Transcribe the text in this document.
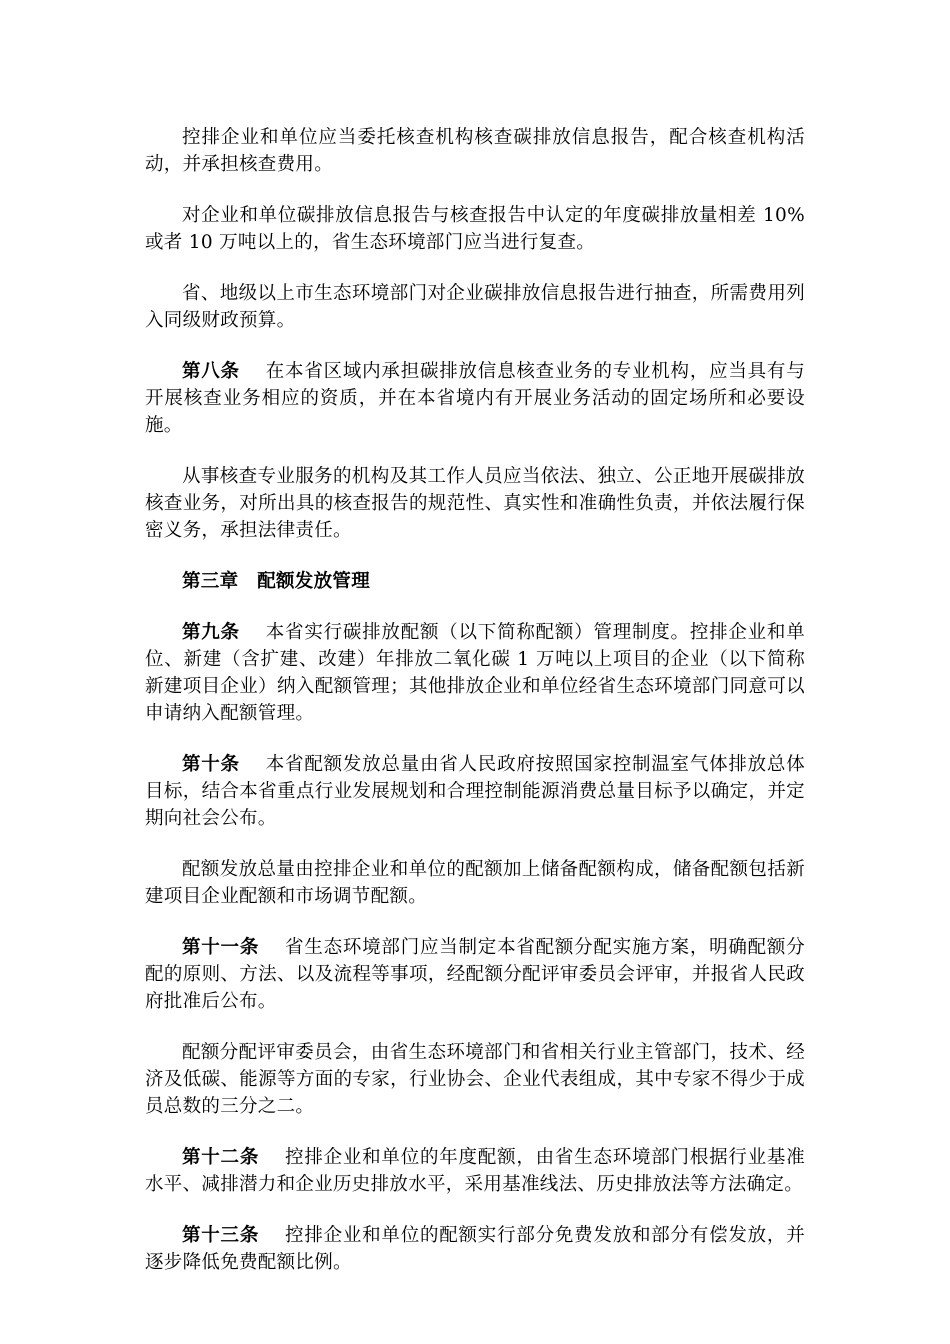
控排企业和单位应当委托核查机构核查碳排放信息报告，配合核查机构活动，并承担核查费用。

对企业和单位碳排放信息报告与核查报告中认定的年度碳排放量相差 10%或者 10 万吨以上的，省生态环境部门应当进行复查。

省、地级以上市生态环境部门对企业碳排放信息报告进行抽查，所需费用列入同级财政预算。

第八条　 在本省区域内承担碳排放信息核查业务的专业机构，应当具有与开展核查业务相应的资质，并在本省境内有开展业务活动的固定场所和必要设施。

从事核查专业服务的机构及其工作人员应当依法、独立、公正地开展碳排放核查业务，对所出具的核查报告的规范性、真实性和准确性负责，并依法履行保密义务，承担法律责任。

第三章　配额发放管理

第九条　 本省实行碳排放配额（以下简称配额）管理制度。控排企业和单位、新建（含扩建、改建）年排放二氧化碳 1 万吨以上项目的企业（以下简称新建项目企业）纳入配额管理；其他排放企业和单位经省生态环境部门同意可以申请纳入配额管理。

第十条　 本省配额发放总量由省人民政府按照国家控制温室气体排放总体目标，结合本省重点行业发展规划和合理控制能源消费总量目标予以确定，并定期向社会公布。

配额发放总量由控排企业和单位的配额加上储备配额构成，储备配额包括新建项目企业配额和市场调节配额。

第十一条　 省生态环境部门应当制定本省配额分配实施方案，明确配额分配的原则、方法、以及流程等事项，经配额分配评审委员会评审，并报省人民政府批准后公布。

配额分配评审委员会，由省生态环境部门和省相关行业主管部门，技术、经济及低碳、能源等方面的专家，行业协会、企业代表组成，其中专家不得少于成员总数的三分之二。

第十二条　 控排企业和单位的年度配额，由省生态环境部门根据行业基准水平、减排潜力和企业历史排放水平，采用基准线法、历史排放法等方法确定。

第十三条　 控排企业和单位的配额实行部分免费发放和部分有偿发放，并逐步降低免费配额比例。
